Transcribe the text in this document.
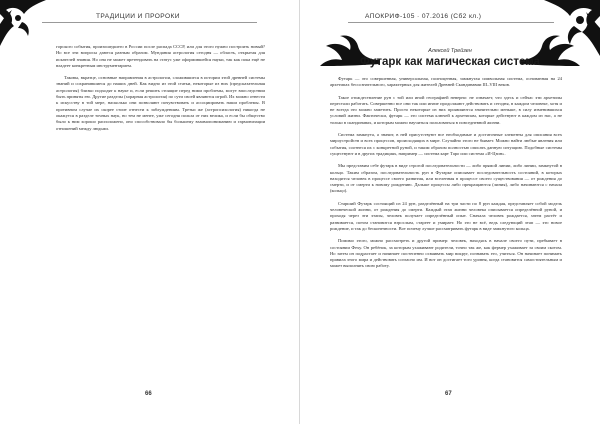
ТРАДИЦИИ И ПРОРОКИ

горского события, произошедшего в России после распада СССР, или для этого нужно построить новый? Но все эти вопросы даются разным образом. Мундания астрология сегодня — область, открытая для искателей знания. Но она не может претендовать на статус уже оформившейся науки, так как пока ещё не владеет конкретным инструментарием.

Таковы, вкратце, основные направления в астрологии, сложившиеся в истории этой древней системы знаний и сохранившиеся до наших дней. Как видно из этой статьи, некоторые из них (предсказательная астрология) близко подходят к науке и, если решить стоящие перед ними проблемы, могут впоследствии быть приняты ею. Другие разделы (хорарная астрология) по сути своей являются игрой. Их можно отнести к искусству в той мере, насколько они позволяют почувствовать и ассоциировать наши проблемы. В противном случае их скорее стоит отнести к заблуждениям. Третьи же (астропсихология) никогда не окажутся в разделе точных наук, но тем не менее, уже сегодня польза от них велика, и если бы общество было к ним хорошо расположено, оно способствовало бы большему взаимопониманию и гармонизации отношений между людьми.

66
АПОКРИФ-105 · 07.2016 (Сб2 кл.)
Алексей Трейзен
Футарк как магическая система

Футарк — это совершенная, универсальная, полноценная, замкнутая символьная система, основанная на 24 архетипах бессознательного, характерных для жителей Древней Скандинавии III–VIII веков.

Такое отождествление рун с той или иной географией неверно: не означает, что здесь и сейчас эти архетипы перестали работать. Совершенно все они так или иначе продолжают действовать и сегодня, в каждом человеке, хотя и не всегда это можно заметить. Просто некоторые из них проявляются значительно меньше, в силу изменившихся условий жизни. Фактически, футарк — это система ключей к архетипам, которые действуют в каждом из нас, а не только в скандинавах, и которым можно научиться пользоваться в повседневной жизни.

Система замкнута, а значит, в ней присутствуют все необходимые и достаточные элементы для описания всех мироустройств и всех процессов, происходящих в мире. Случайно этого не бывает. Можно найти любые явления или события, соотнеся их с конкретной руной, и таким образом полностью описать данную ситуацию. Подобные системы существуют и в других традициях, например — система карт Таро или система «И-Цзин».

Мы представим себе футарк в виде строгой последовательности — либо прямой линии, либо линии, замкнутой в кольцо. Таким образом, последовательность рун в Футарке описывает последовательность состояний, в которых находится человек в процессе своего развития, или вселенная в процессе своего существования — от рождения до смерти, и от смерти к новому рождению. Дальше процессы либо прекращаются (линия), либо начинаются с начала (кольцо).

Старший Футарк состоящий из 24 рун, разделённый на три части по 8 рун каждая, представляет собой модель человеческой жизни, от рождения до смерти. Каждый этап жизни человека описывается определённой руной, и проходя через эти этапы, человек получает определённый опыт. Сначала человек рождается, затем растёт и развивается, потом становится взрослым, стареет и умирает. Но это не всё, ведь следующий этап — это новое рождение, и так до бесконечности. Вот почему лучше рассматривать футарк в виде замкнутого кольца.

Помимо этого, можно рассмотреть и другой пример: человек, находясь в начале своего пути, пребывает в состоянии Феху. Он ребёнок, за которым ухаживают родители, точно так же, как фермер ухаживает за своим скотом. Но затем он подрастает и начинает постепенно осваивать мир вокруг, познавать его, учиться. Он начинает понимать правила этого мира и действовать согласно им. И вот он достигает того уровня, когда становится самостоятельным и может выполнять свою работу.

67
